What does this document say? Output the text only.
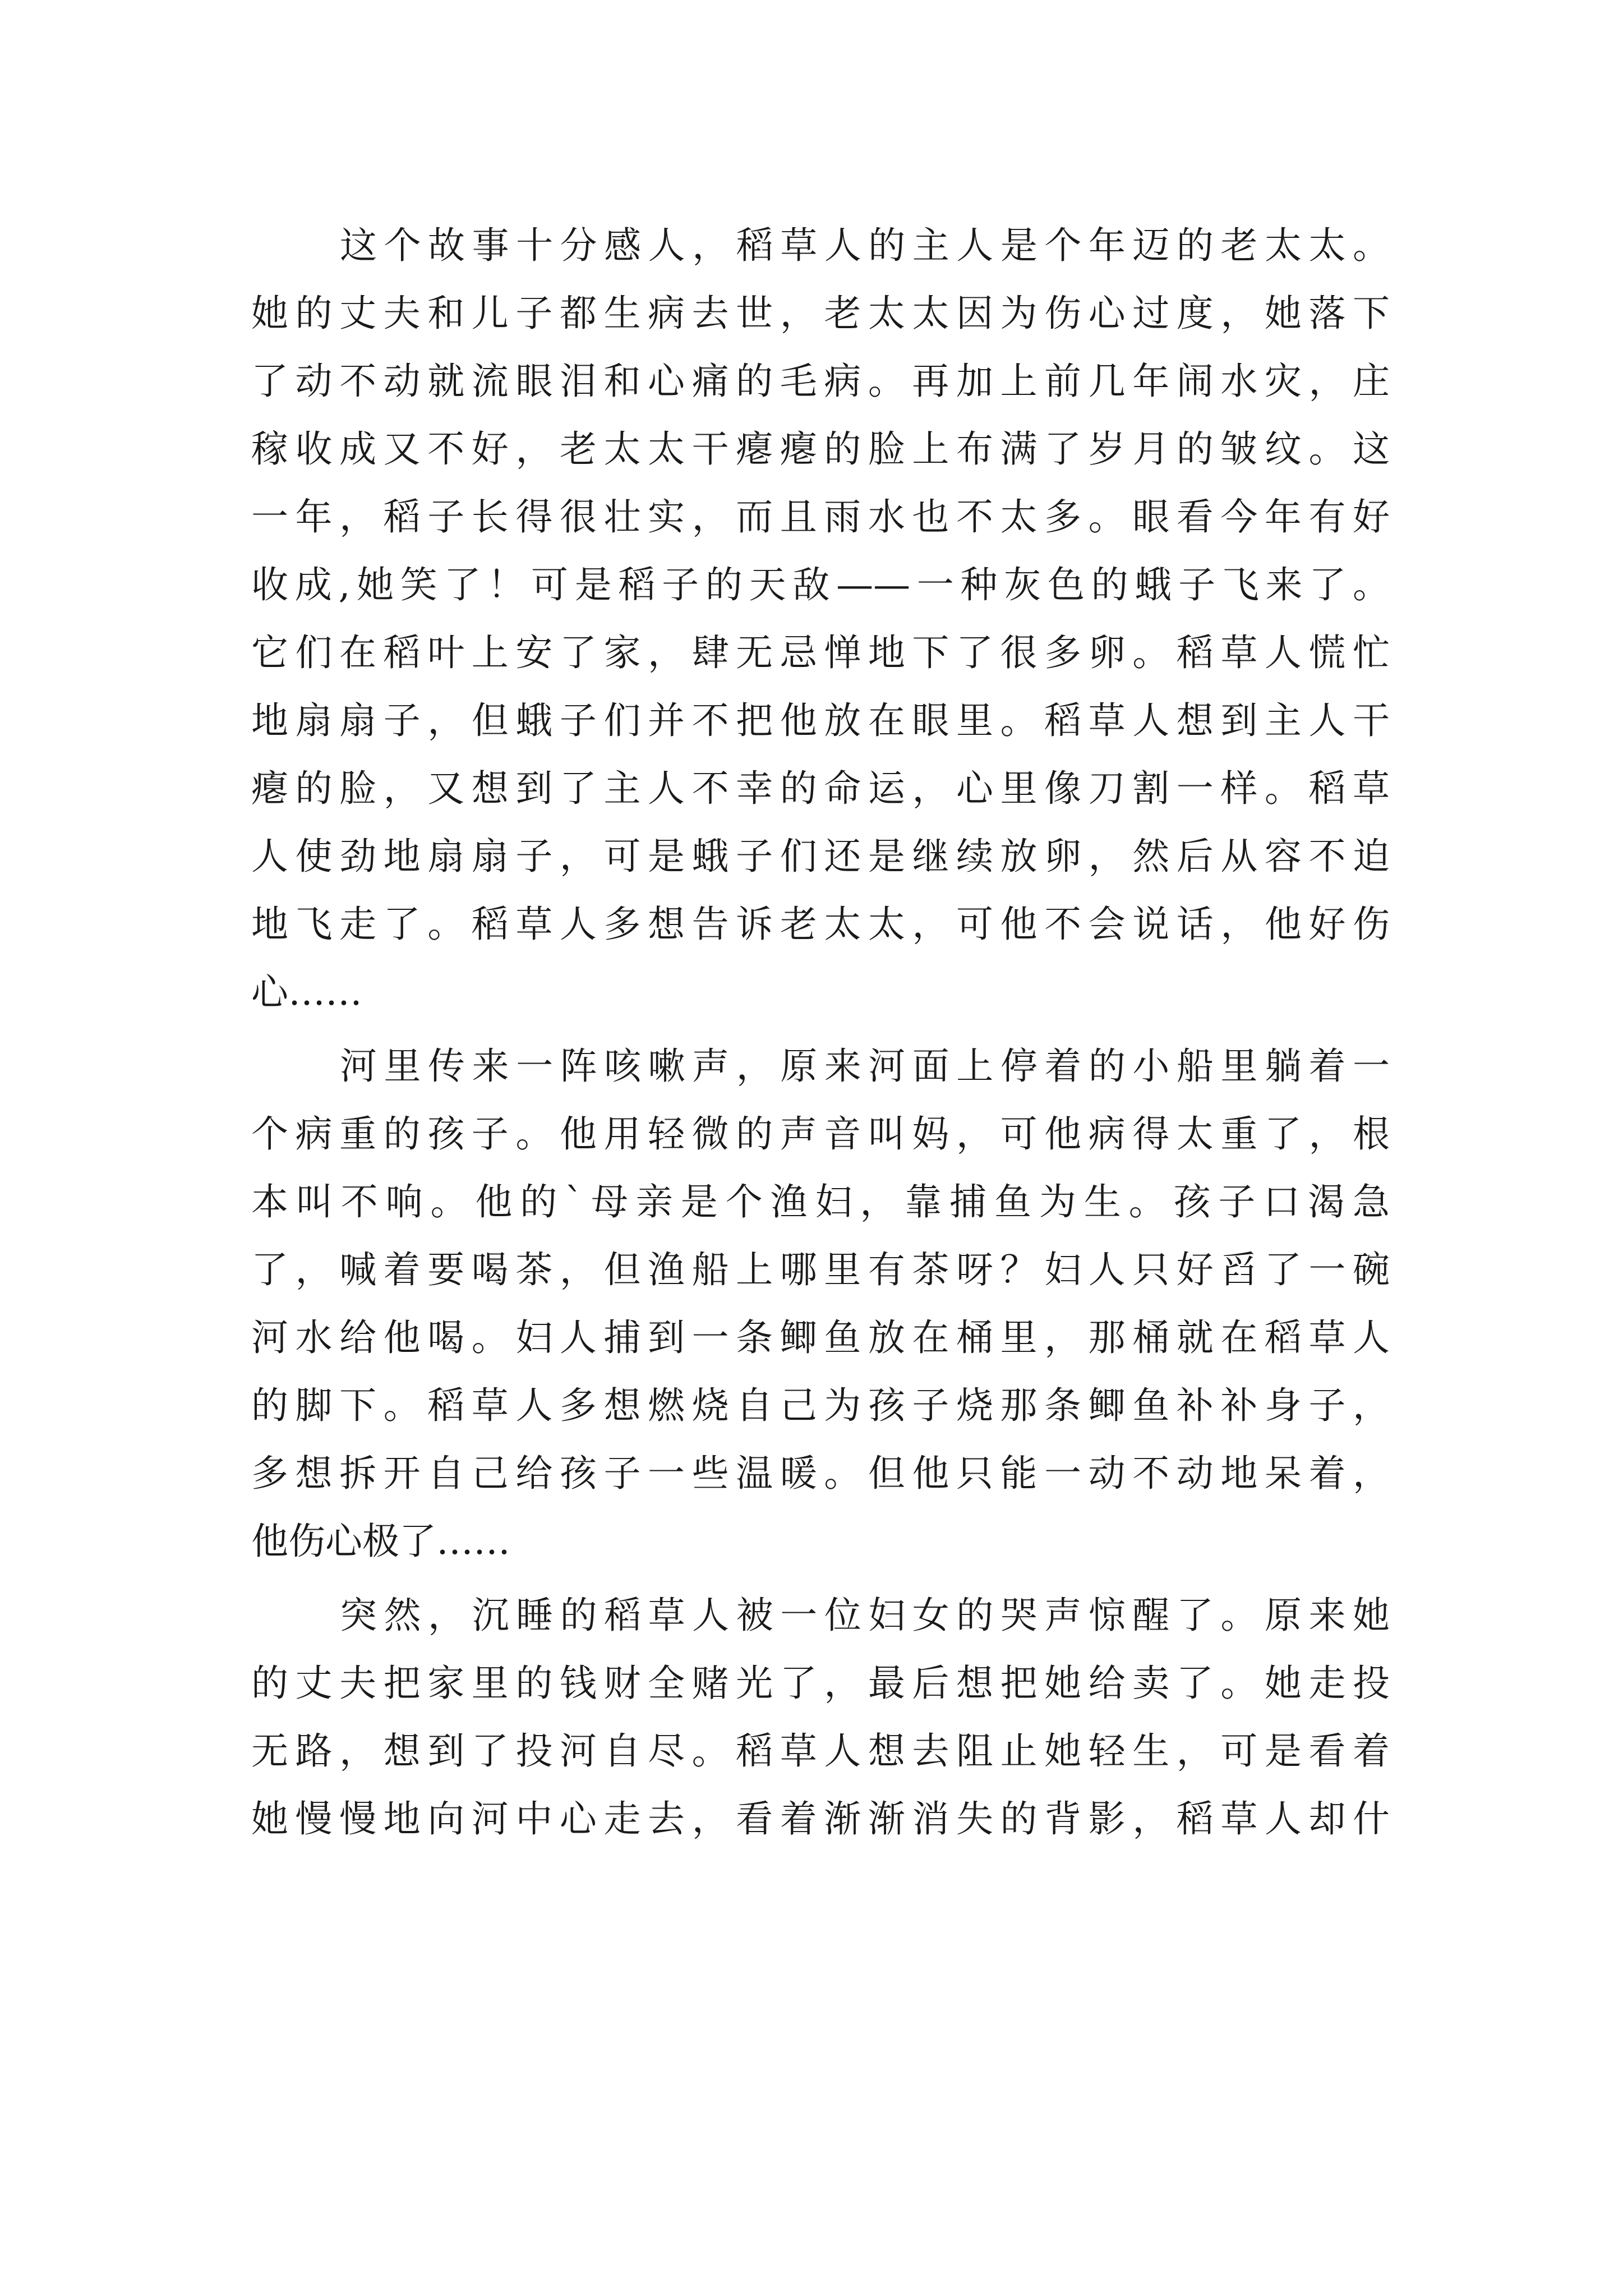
这个故事十分感人，稻草人的主人是个年迈的老太太。
她的丈夫和儿子都生病去世，老太太因为伤心过度，她落下
了动不动就流眼泪和心痛的毛病。再加上前几年闹水灾，庄
稼收成又不好，老太太干瘪瘪的脸上布满了岁月的皱纹。这
一年，稻子长得很壮实，而且雨水也不太多。眼看今年有好
收成,她笑了！可是稻子的天敌——一种灰色的蛾子飞来了。
它们在稻叶上安了家，肆无忌惮地下了很多卵。稻草人慌忙
地扇扇子，但蛾子们并不把他放在眼里。稻草人想到主人干
瘪的脸，又想到了主人不幸的命运，心里像刀割一样。稻草
人使劲地扇扇子，可是蛾子们还是继续放卵，然后从容不迫
地飞走了。稻草人多想告诉老太太，可他不会说话，他好伤
心……

河里传来一阵咳嗽声，原来河面上停着的小船里躺着一
个病重的孩子。他用轻微的声音叫妈，可他病得太重了，根
本叫不响。他的`母亲是个渔妇，靠捕鱼为生。孩子口渴急
了，喊着要喝茶，但渔船上哪里有茶呀？妇人只好舀了一碗
河水给他喝。妇人捕到一条鲫鱼放在桶里，那桶就在稻草人
的脚下。稻草人多想燃烧自己为孩子烧那条鲫鱼补补身子，
多想拆开自己给孩子一些温暖。但他只能一动不动地呆着，
他伤心极了……

突然，沉睡的稻草人被一位妇女的哭声惊醒了。原来她
的丈夫把家里的钱财全赌光了，最后想把她给卖了。她走投
无路，想到了投河自尽。稻草人想去阻止她轻生，可是看着
她慢慢地向河中心走去，看着渐渐消失的背影，稻草人却什
